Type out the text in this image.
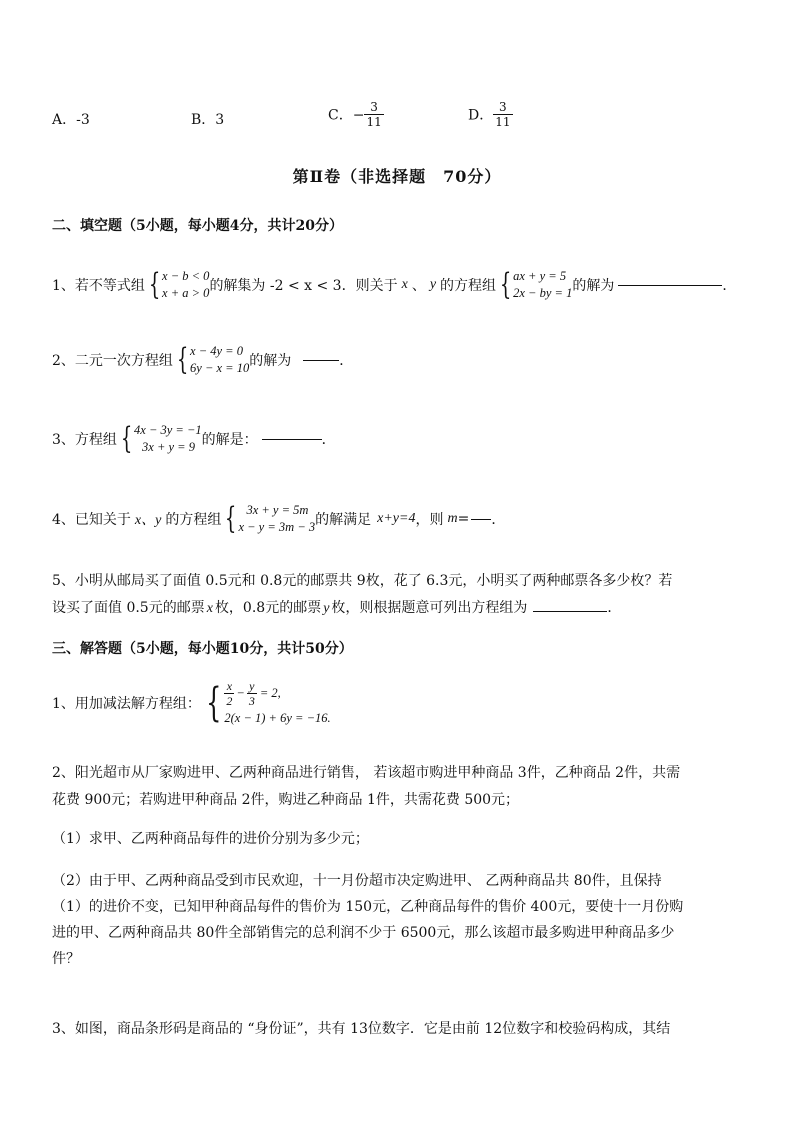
A．-3	B．3	C．− $\frac{3}{11}$	D． $\frac{3}{11}$
第Ⅱ卷（非选择题　70分）
二、填空题（5小题，每小题4分，共计20分）
1、若不等式组 { x − b < 0
x + a > 0 的解集为 -2 < x < 3．则关于 x 、 y 的方程组 { ax + y = 5
2x − by = 1 的解为	．
2、二元一次方程组 { x − 4y = 0
6y − x = 10 的解为	．
3、方程组 { 4x − 3y = −1
3x + y = 9 的解是：	．
4、已知关于 x、y 的方程组 { 3x + y = 5m
x − y = 3m − 3 的解满足 x+y=4 ，则 m = ．
5、小明从邮局买了面值 0.5元和 0.8元的邮票共 9枚，花了 6.3元，小明买了两种邮票各多少枚？若
设买了面值 0.5元的邮票 x 枚，0.8元的邮票 y 枚，则根据题意可列出方程组为	．
三、解答题（5小题，每小题10分，共计50分）
1、用加减法解方程组： { $\frac{x}{2} - \frac{y}{3} = 2$,
2(x − 1) + 6y = −16.
2、阳光超市从厂家购进甲、乙两种商品进行销售， 若该超市购进甲种商品 3件，乙种商品 2件，共需
花费 900元；若购进甲种商品 2件，购进乙种商品 1件，共需花费 500元；
（1）求甲、乙两种商品每件的进价分别为多少元；
（2）由于甲、乙两种商品受到市民欢迎，十一月份超市决定购进甲、 乙两种商品共 80件，且保持
（1）的进价不变，已知甲种商品每件的售价为 150元，乙种商品每件的售价 400元，要使十一月份购
进的甲、乙两种商品共 80件全部销售完的总利润不少于 6500元，那么该超市最多购进甲种商品多少
件？
3、如图，商品条形码是商品的 “身份证”，共有 13位数字．它是由前 12位数字和校验码构成，其结
